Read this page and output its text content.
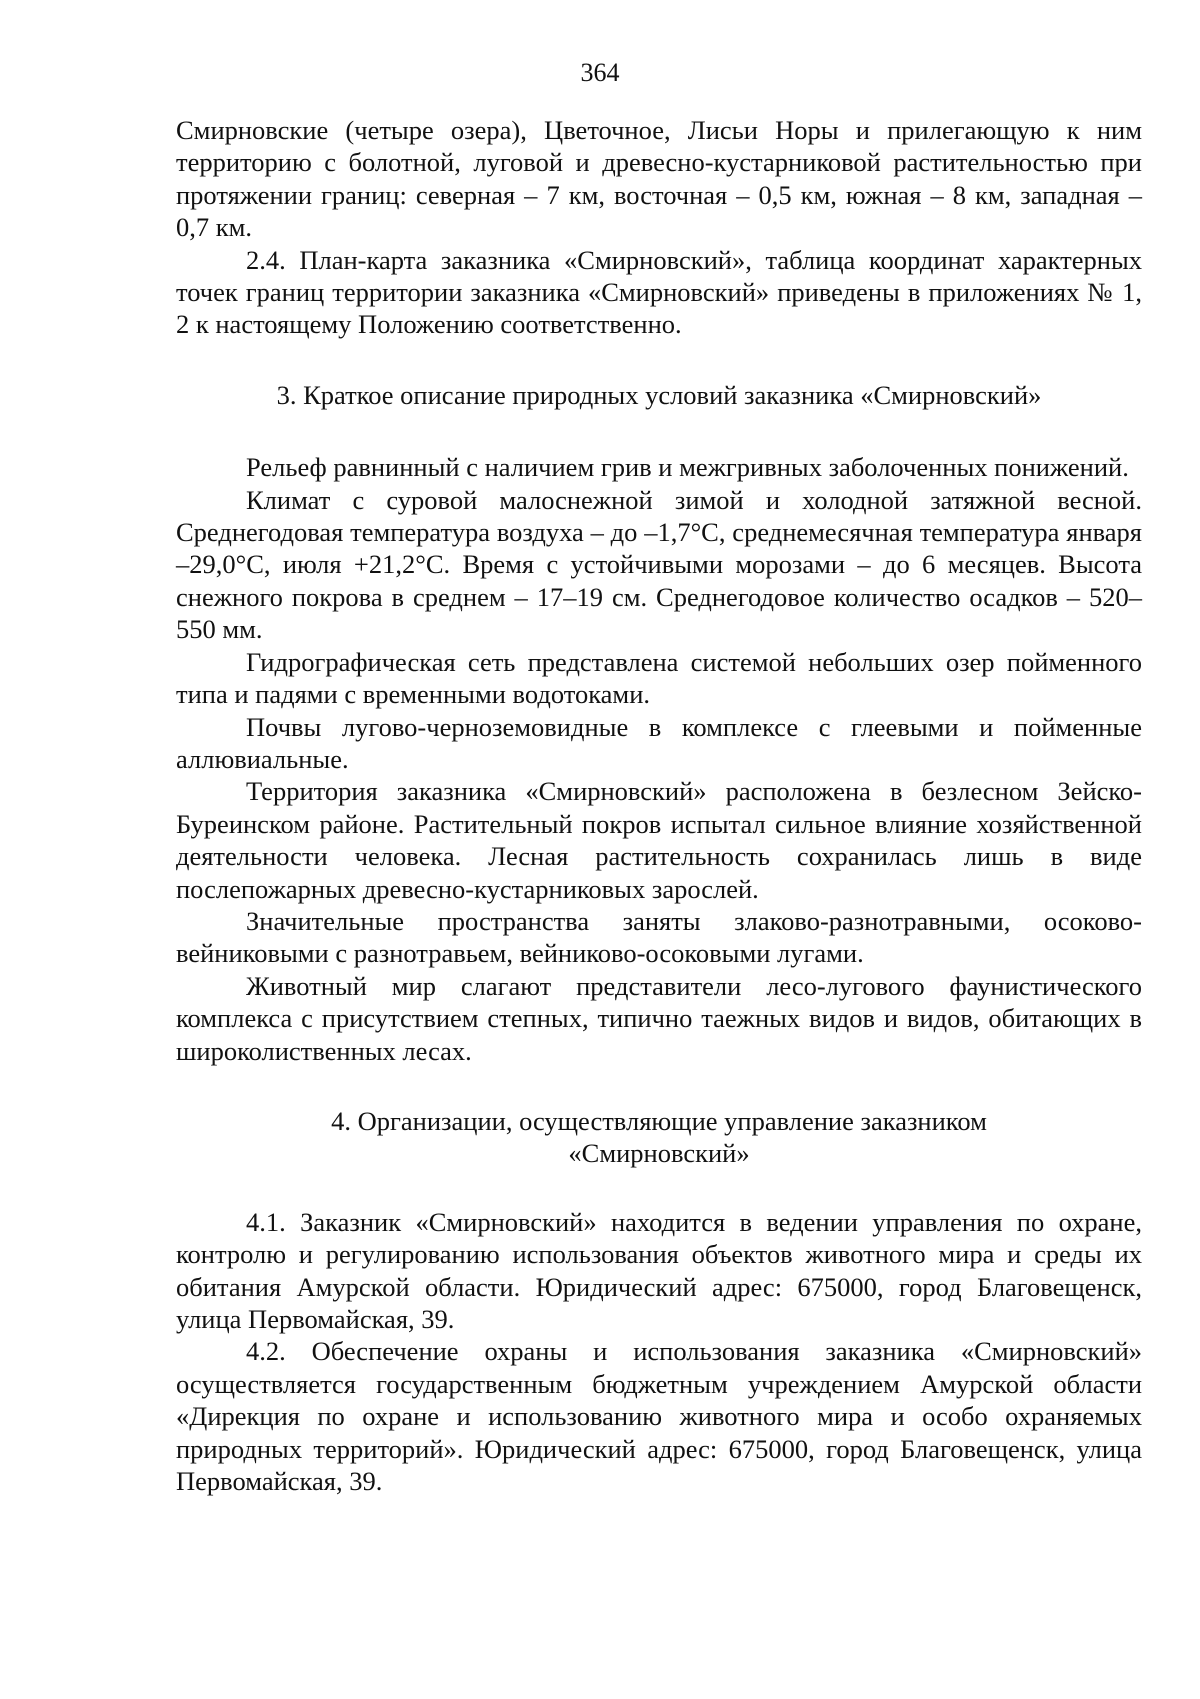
364

Смирновские (четыре озера), Цветочное, Лисьи Норы и прилегающую к ним территорию с болотной, луговой и древесно-кустарниковой растительностью при протяжении границ: северная – 7 км, восточная – 0,5 км, южная – 8 км, западная – 0,7 км.

2.4. План-карта заказника «Смирновский», таблица координат характерных точек границ территории заказника «Смирновский» приведены в приложениях № 1, 2 к настоящему Положению соответственно.

3. Краткое описание природных условий заказника «Смирновский»

Рельеф равнинный с наличием грив и межгривных заболоченных понижений.

Климат с суровой малоснежной зимой и холодной затяжной весной. Среднегодовая температура воздуха – до –1,7°С, среднемесячная температура января –29,0°С, июля +21,2°С. Время с устойчивыми морозами – до 6 месяцев. Высота снежного покрова в среднем – 17–19 см. Среднегодовое количество осадков – 520–550 мм.

Гидрографическая сеть представлена системой небольших озер пойменного типа и падями с временными водотоками.

Почвы лугово-черноземовидные в комплексе с глеевыми и пойменные аллювиальные.

Территория заказника «Смирновский» расположена в безлесном Зейско-Буреинском районе. Растительный покров испытал сильное влияние хозяйственной деятельности человека. Лесная растительность сохранилась лишь в виде послепожарных древесно-кустарниковых зарослей.

Значительные пространства заняты злаково-разнотравными, осоково-вейниковыми с разнотравьем, вейниково-осоковыми лугами.

Животный мир слагают представители лесо-лугового фаунистического комплекса с присутствием степных, типично таежных видов и видов, обитающих в широколиственных лесах.

4. Организации, осуществляющие управление заказником
«Смирновский»

4.1. Заказник «Смирновский» находится в ведении управления по охране, контролю и регулированию использования объектов животного мира и среды их обитания Амурской области. Юридический адрес: 675000, город Благовещенск, улица Первомайская, 39.

4.2. Обеспечение охраны и использования заказника «Смирновский» осуществляется государственным бюджетным учреждением Амурской области «Дирекция по охране и использованию животного мира и особо охраняемых природных территорий». Юридический адрес: 675000, город Благовещенск, улица Первомайская, 39.
